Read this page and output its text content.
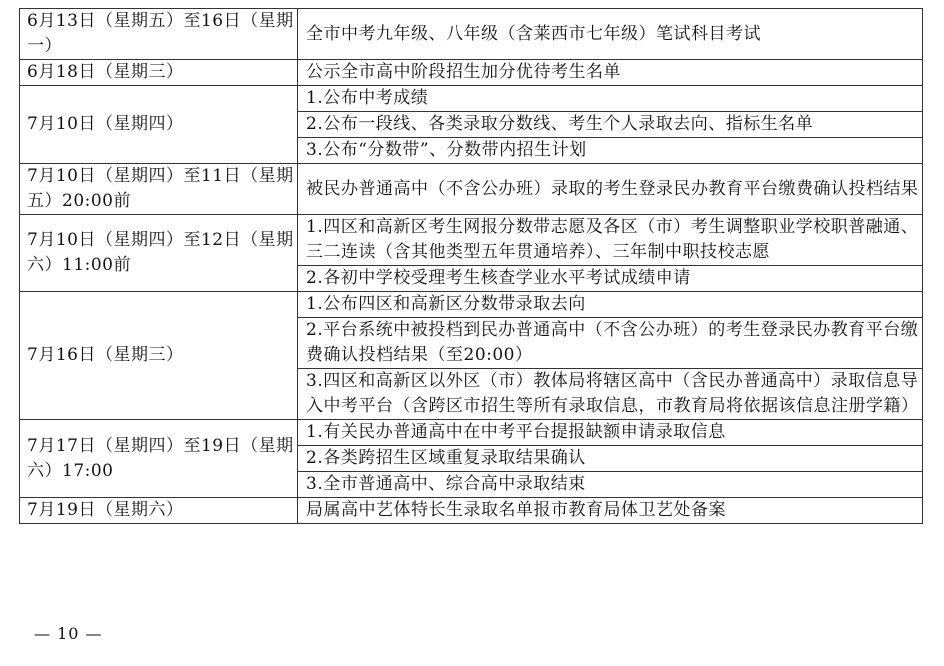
6月13日（星期五）至16日（星期一）	全市中考九年级、八年级（含莱西市七年级）笔试科目考试
6月18日（星期三）	公示全市高中阶段招生加分优待考生名单
7月10日（星期四）	1.公布中考成绩
	2.公布一段线、各类录取分数线、考生个人录取去向、指标生名单
	3.公布“分数带”、分数带内招生计划
7月10日（星期四）至11日（星期五）20:00前	被民办普通高中（不含公办班）录取的考生登录民办教育平台缴费确认投档结果
7月10日（星期四）至12日（星期六）11:00前	1.四区和高新区考生网报分数带志愿及各区（市）考生调整职业学校职普融通、三二连读（含其他类型五年贯通培养）、三年制中职技校志愿
	2.各初中学校受理考生核查学业水平考试成绩申请
7月16日（星期三）	1.公布四区和高新区分数带录取去向
	2.平台系统中被投档到民办普通高中（不含公办班）的考生登录民办教育平台缴费确认投档结果（至20:00）
	3.四区和高新区以外区（市）教体局将辖区高中（含民办普通高中）录取信息导入中考平台（含跨区市招生等所有录取信息，市教育局将依据该信息注册学籍）
7月17日（星期四）至19日（星期六）17:00	1.有关民办普通高中在中考平台提报缺额申请录取信息
	2.各类跨招生区域重复录取结果确认
	3.全市普通高中、综合高中录取结束
7月19日（星期六）	局属高中艺体特长生录取名单报市教育局体卫艺处备案
— 10 —
